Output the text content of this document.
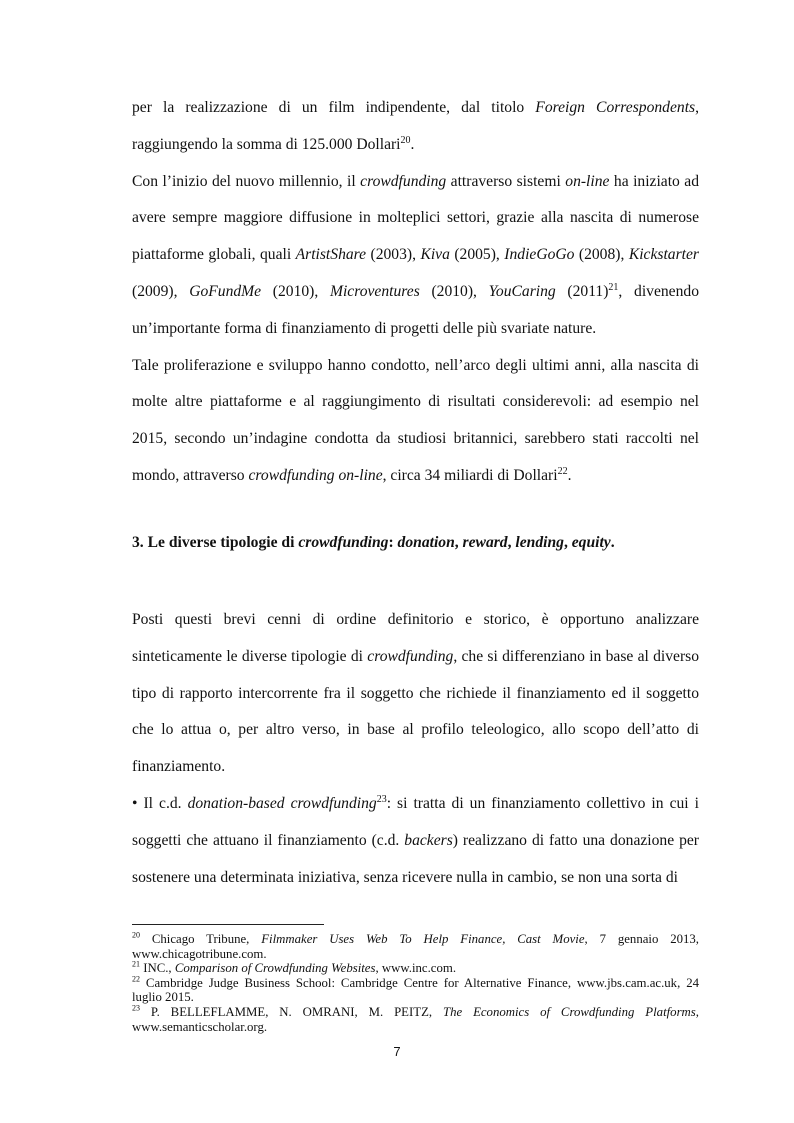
per la realizzazione di un film indipendente, dal titolo Foreign Correspondents, raggiungendo la somma di 125.000 Dollari$^{20}$.

Con l’inizio del nuovo millennio, il crowdfunding attraverso sistemi on-line ha iniziato ad avere sempre maggiore diffusione in molteplici settori, grazie alla nascita di numerose piattaforme globali, quali ArtistShare (2003), Kiva (2005), IndieGoGo (2008), Kickstarter (2009), GoFundMe (2010), Microventures (2010), YouCaring $(2011)^{21}$, divenendo un’importante forma di finanziamento di progetti delle più svariate nature.

Tale proliferazione e sviluppo hanno condotto, nell’arco degli ultimi anni, alla nascita di molte altre piattaforme e al raggiungimento di risultati considerevoli: ad esempio nel 2015, secondo un’indagine condotta da studiosi britannici, sarebbero stati raccolti nel mondo, attraverso crowdfunding on-line, circa 34 miliardi di Dollari$^{22}$.

3. Le diverse tipologie di crowdfunding: donation, reward, lending, equity.

Posti questi brevi cenni di ordine definitorio e storico, è opportuno analizzare sinteticamente le diverse tipologie di crowdfunding, che si differenziano in base al diverso tipo di rapporto intercorrente fra il soggetto che richiede il finanziamento ed il soggetto che lo attua o, per altro verso, in base al profilo teleologico, allo scopo dell’atto di finanziamento.

• Il c.d. donation-based crowdfunding$^{23}$: si tratta di un finanziamento collettivo in cui i soggetti che attuano il finanziamento (c.d. backers) realizzano di fatto una donazione per sostenere una determinata iniziativa, senza ricevere nulla in cambio, se non una sorta di

$^{20}$ Chicago Tribune, Filmmaker Uses Web To Help Finance, Cast Movie, 7 gennaio 2013, www.chicagotribune.com.

$^{21}$ INC., Comparison of Crowdfunding Websites, www.inc.com.

$^{22}$ Cambridge Judge Business School: Cambridge Centre for Alternative Finance, www.jbs.cam.ac.uk, 24 luglio 2015.

$^{23}$ P. BELLEFLAMME, N. OMRANI, M. PEITZ, The Economics of Crowdfunding Platforms, www.semanticscholar.org.

7
